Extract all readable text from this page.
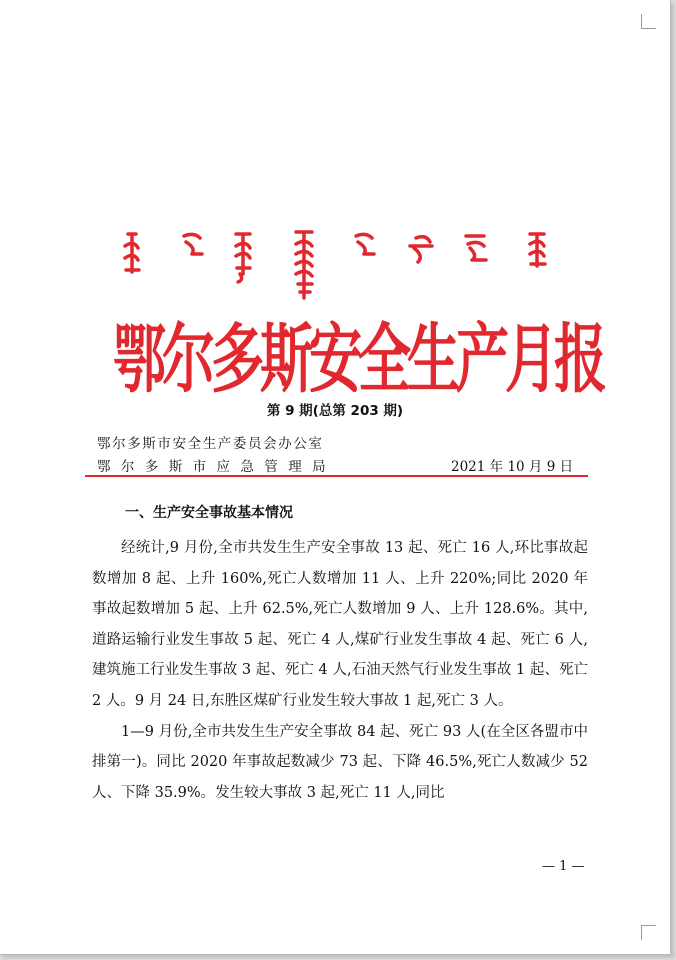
鄂尔多斯安全生产月报
第 9 期(总第 203 期)
鄂尔多斯市安全生产委员会办公室
鄂尔多斯市应急管理局	2021 年 10 月 9 日
一、生产安全事故基本情况

经统计,9 月份,全市共发生生产安全事故 13 起、死亡 16 人,环比事故起数增加 8 起、上升 160%,死亡人数增加 11 人、上升 220%;同比 2020 年事故起数增加 5 起、上升 62.5%,死亡人数增加 9 人、上升 128.6%。其中,道路运输行业发生事故 5 起、死亡 4 人,煤矿行业发生事故 4 起、死亡 6 人,建筑施工行业发生事故 3 起、死亡 4 人,石油天然气行业发生事故 1 起、死亡 2 人。9 月 24 日,东胜区煤矿行业发生较大事故 1 起,死亡 3 人。

1—9 月份,全市共发生生产安全事故 84 起、死亡 93 人(在全区各盟市中排第一)。同比 2020 年事故起数减少 73 起、下降 46.5%,死亡人数减少 52 人、下降 35.9%。发生较大事故 3 起,死亡 11 人,同比

— 1 —
